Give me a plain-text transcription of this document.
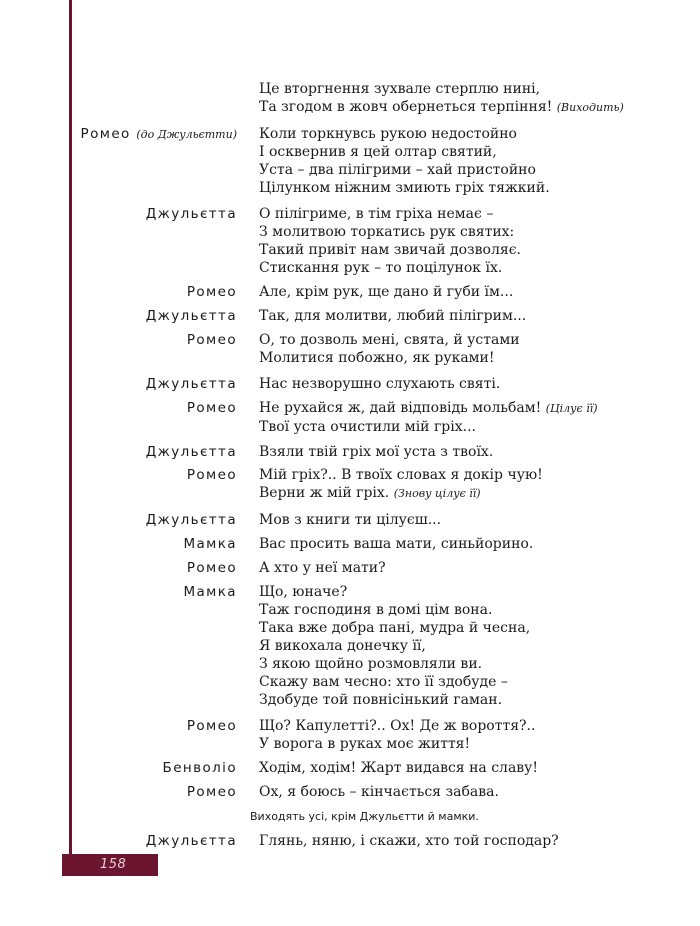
Це вторгнення зухвале стерплю нині,
Та згодом в жовч обернеться терпіння! (Виходить)
Ромео (до Джульєтти) Коли торкнувсь рукою недостойно
І осквернив я цей олтар святий,
Уста – два пілігрими – хай пристойно
Цілунком ніжним змиють гріх тяжкий.
Джульєтта О пілігриме, в тім гріха немає –
З молитвою торкатись рук святих:
Такий привіт нам звичай дозволяє.
Стискання рук – то поцілунок їх.
Ромео Але, крім рук, ще дано й губи їм...
Джульєтта Так, для молитви, любий пілігрим...
Ромео О, то дозволь мені, свята, й устами
Молитися побожно, як руками!
Джульєтта Нас незворушно слухають святі.
Ромео Не рухайся ж, дай відповідь мольбам! (Цілує її)
Твої уста очистили мій гріх...
Джульєтта Взяли твій гріх мої уста з твоїх.
Ромео Мій гріх?.. В твоїх словах я докір чую!
Верни ж мій гріх. (Знову цілує її)
Джульєтта Мов з книги ти цілуєш...
Мамка Вас просить ваша мати, синьйорино.
Ромео А хто у неї мати?
Мамка Що, юначе?
Таж господиня в домі цім вона.
Така вже добра пані, мудра й чесна,
Я викохала донечку її,
З якою щойно розмовляли ви.
Скажу вам чесно: хто її здобуде –
Здобуде той повнісінький гаман.
Ромео Що? Капулетті?.. Ох! Де ж вороття?..
У ворога в руках моє життя!
Бенволіо Ходім, ходім! Жарт видався на славу!
Ромео Ох, я боюсь – кінчається забава.
Виходять усі, крім Джульєтти й мамки.
Джульєтта Глянь, няню, і скажи, хто той господар?
158
